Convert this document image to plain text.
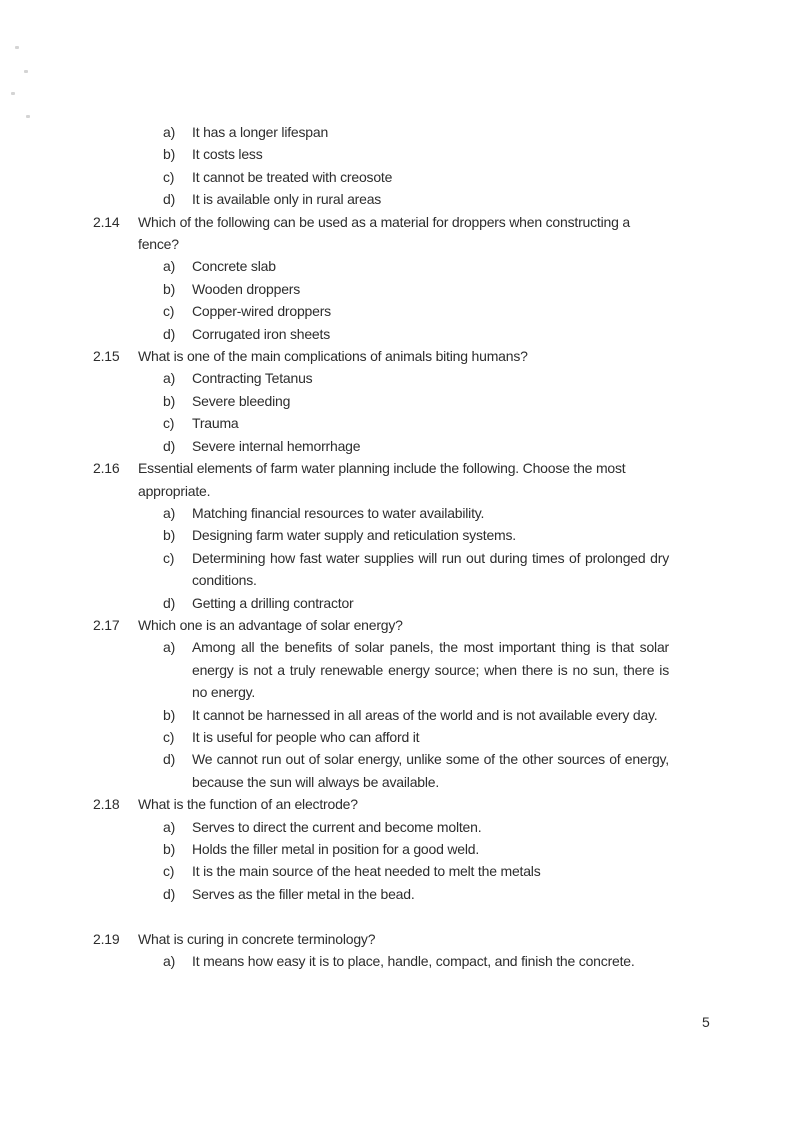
a)	It has a longer lifespan
b)	It costs less
c)	It cannot be treated with creosote
d)	It is available only in rural areas
2.14	Which of the following can be used as a material for droppers when constructing a fence?
a)	Concrete slab
b)	Wooden droppers
c)	Copper-wired droppers
d)	Corrugated iron sheets
2.15	What is one of the main complications of animals biting humans?
a)	Contracting Tetanus
b)	Severe bleeding
c)	Trauma
d)	Severe internal hemorrhage
2.16	Essential elements of farm water planning include the following. Choose the most appropriate.
a)	Matching financial resources to water availability.
b)	Designing farm water supply and reticulation systems.
c)	Determining how fast water supplies will run out during times of prolonged dry conditions.
d)	Getting a drilling contractor
2.17	Which one is an advantage of solar energy?
a)	Among all the benefits of solar panels, the most important thing is that solar energy is not a truly renewable energy source; when there is no sun, there is no energy.
b)	It cannot be harnessed in all areas of the world and is not available every day.
c)	It is useful for people who can afford it
d)	We cannot run out of solar energy, unlike some of the other sources of energy, because the sun will always be available.
2.18	What is the function of an electrode?
a)	Serves to direct the current and become molten.
b)	Holds the filler metal in position for a good weld.
c)	It is the main source of the heat needed to melt the metals
d)	Serves as the filler metal in the bead.
2.19	What is curing in concrete terminology?
a)	It means how easy it is to place, handle, compact, and finish the concrete.
5
